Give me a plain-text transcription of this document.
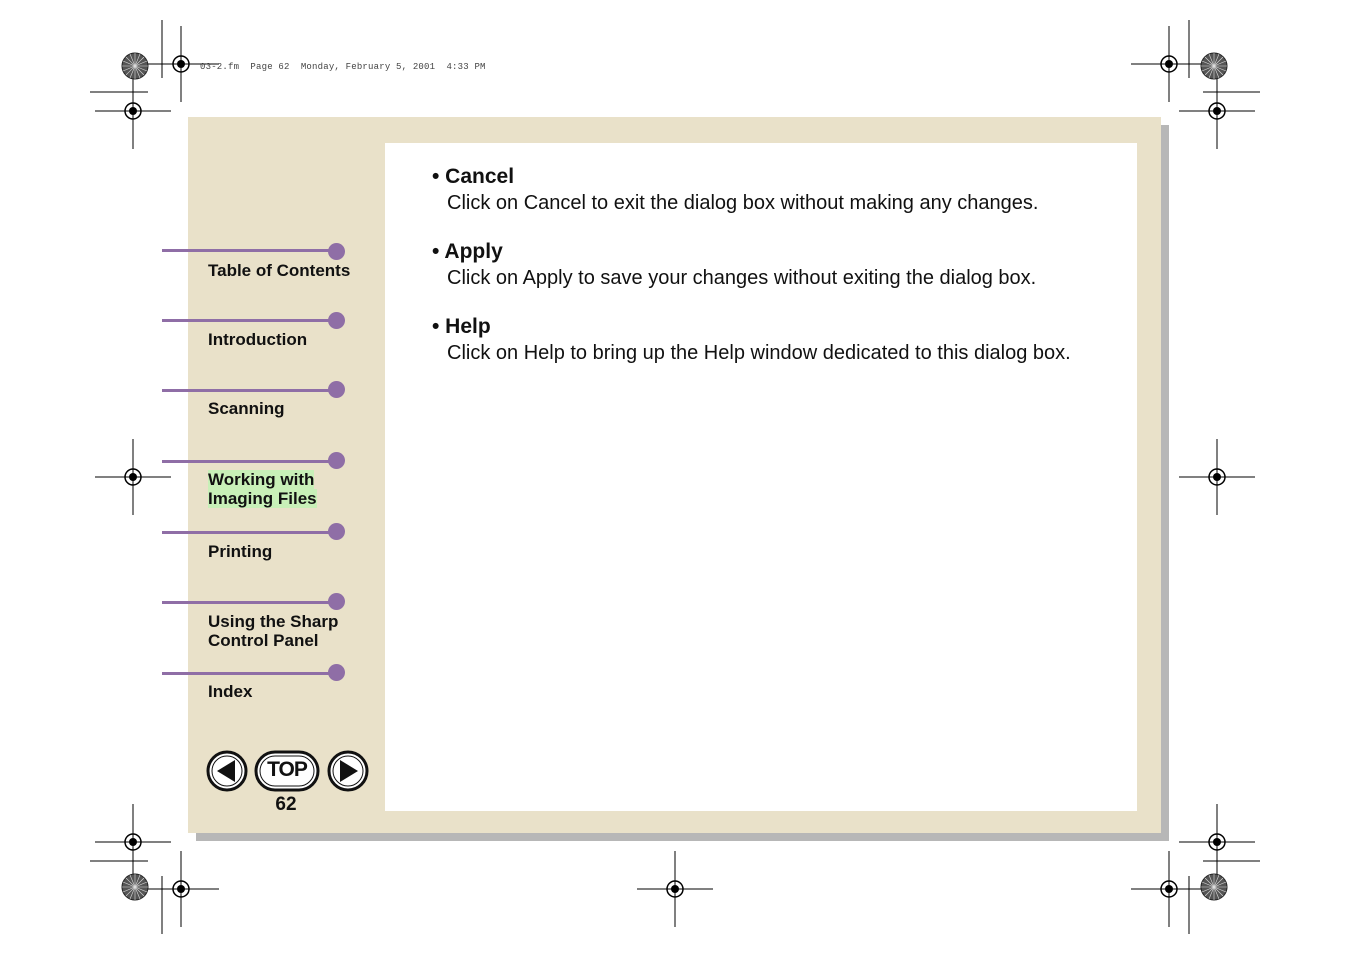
03-2.fm  Page 62  Monday, February 5, 2001  4:33 PM
Table of Contents
Introduction
Scanning
Working with
Imaging Files
Printing
Using the Sharp
Control Panel
Index
• Cancel
Click on Cancel to exit the dialog box without making any changes.
• Apply
Click on Apply to save your changes without exiting the dialog box.
• Help
Click on Help to bring up the Help window dedicated to this dialog box.
TOP
62
